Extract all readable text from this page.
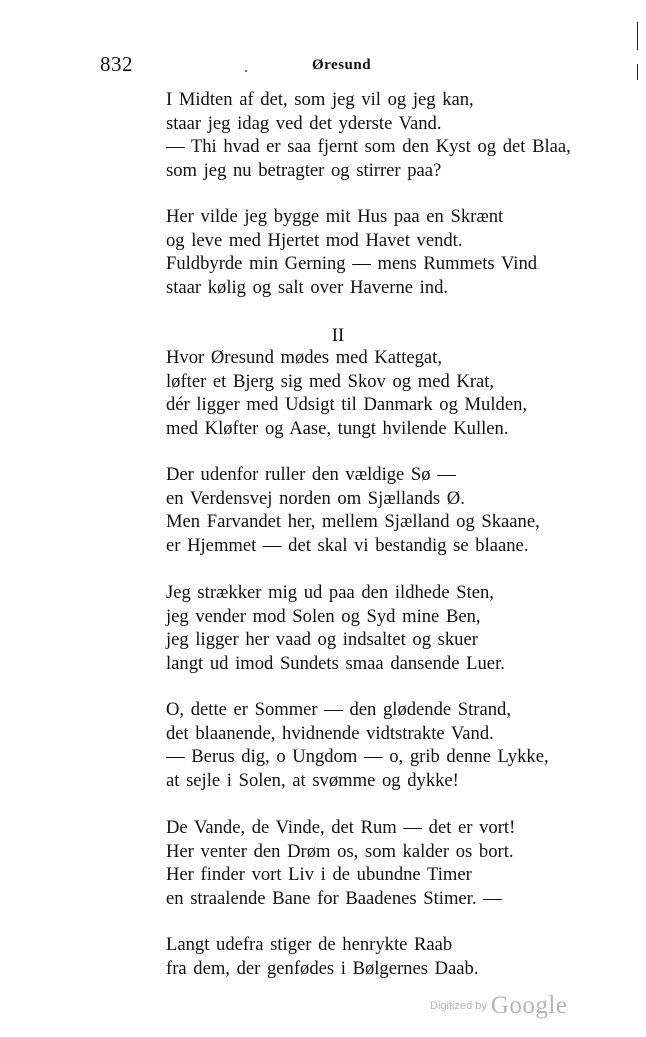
832	Øresund
I Midten af det, som jeg vil og jeg kan,
staar jeg idag ved det yderste Vand.
— Thi hvad er saa fjernt som den Kyst og det Blaa,
som jeg nu betragter og stirrer paa?
Her vilde jeg bygge mit Hus paa en Skrænt
og leve med Hjertet mod Havet vendt.
Fuldbyrde min Gerning — mens Rummets Vind
staar kølig og salt over Haverne ind.
II
Hvor Øresund mødes med Kattegat,
løfter et Bjerg sig med Skov og med Krat,
dér ligger med Udsigt til Danmark og Mulden,
med Kløfter og Aase, tungt hvilende Kullen.
Der udenfor ruller den vældige Sø —
en Verdensvej norden om Sjællands Ø.
Men Farvandet her, mellem Sjælland og Skaane,
er Hjemmet — det skal vi bestandig se blaane.
Jeg strækker mig ud paa den ildhede Sten,
jeg vender mod Solen og Syd mine Ben,
jeg ligger her vaad og indsaltet og skuer
langt ud imod Sundets smaa dansende Luer.
O, dette er Sommer — den glødende Strand,
det blaanende, hvidnende vidtstrakte Vand.
— Berus dig, o Ungdom — o, grib denne Lykke,
at sejle i Solen, at svømme og dykke!
De Vande, de Vinde, det Rum — det er vort!
Her venter den Drøm os, som kalder os bort.
Her finder vort Liv i de ubundne Timer
en straalende Bane for Baadenes Stimer. —
Langt udefra stiger de henrykte Raab
fra dem, der genfødes i Bølgernes Daab.
Digitized by Google
